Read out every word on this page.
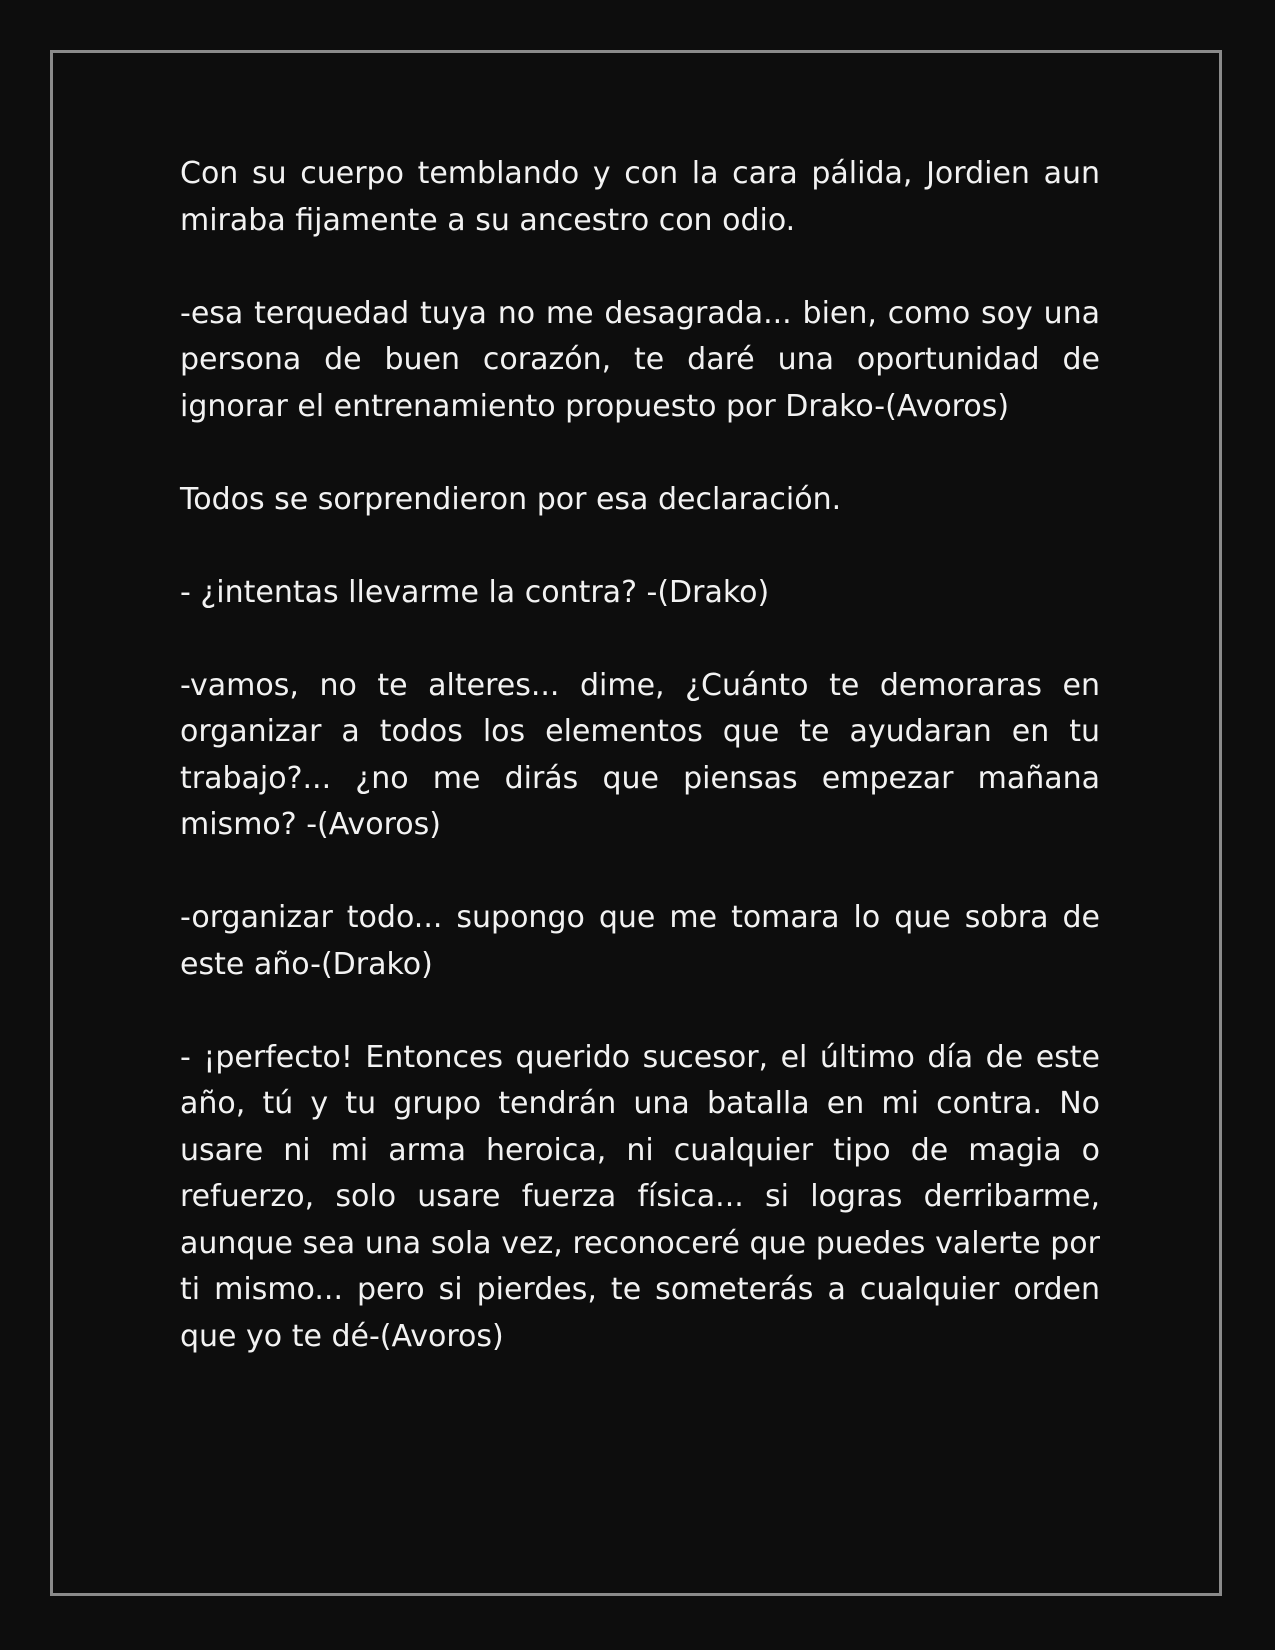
Con su cuerpo temblando y con la cara pálida, Jordien aun miraba fijamente a su ancestro con odio.

-esa terquedad tuya no me desagrada... bien, como soy una persona de buen corazón, te daré una oportunidad de ignorar el entrenamiento propuesto por Drako-(Avoros)

Todos se sorprendieron por esa declaración.

- ¿intentas llevarme la contra? -(Drako)

-vamos, no te alteres... dime, ¿Cuánto te demoraras en organizar a todos los elementos que te ayudaran en tu trabajo?... ¿no me dirás que piensas empezar mañana mismo? -(Avoros)

-organizar todo... supongo que me tomara lo que sobra de este año-(Drako)

- ¡perfecto! Entonces querido sucesor, el último día de este año, tú y tu grupo tendrán una batalla en mi contra. No usare ni mi arma heroica, ni cualquier tipo de magia o refuerzo, solo usare fuerza física... si logras derribarme, aunque sea una sola vez, reconoceré que puedes valerte por ti mismo... pero si pierdes, te someterás a cualquier orden que yo te dé-(Avoros)
